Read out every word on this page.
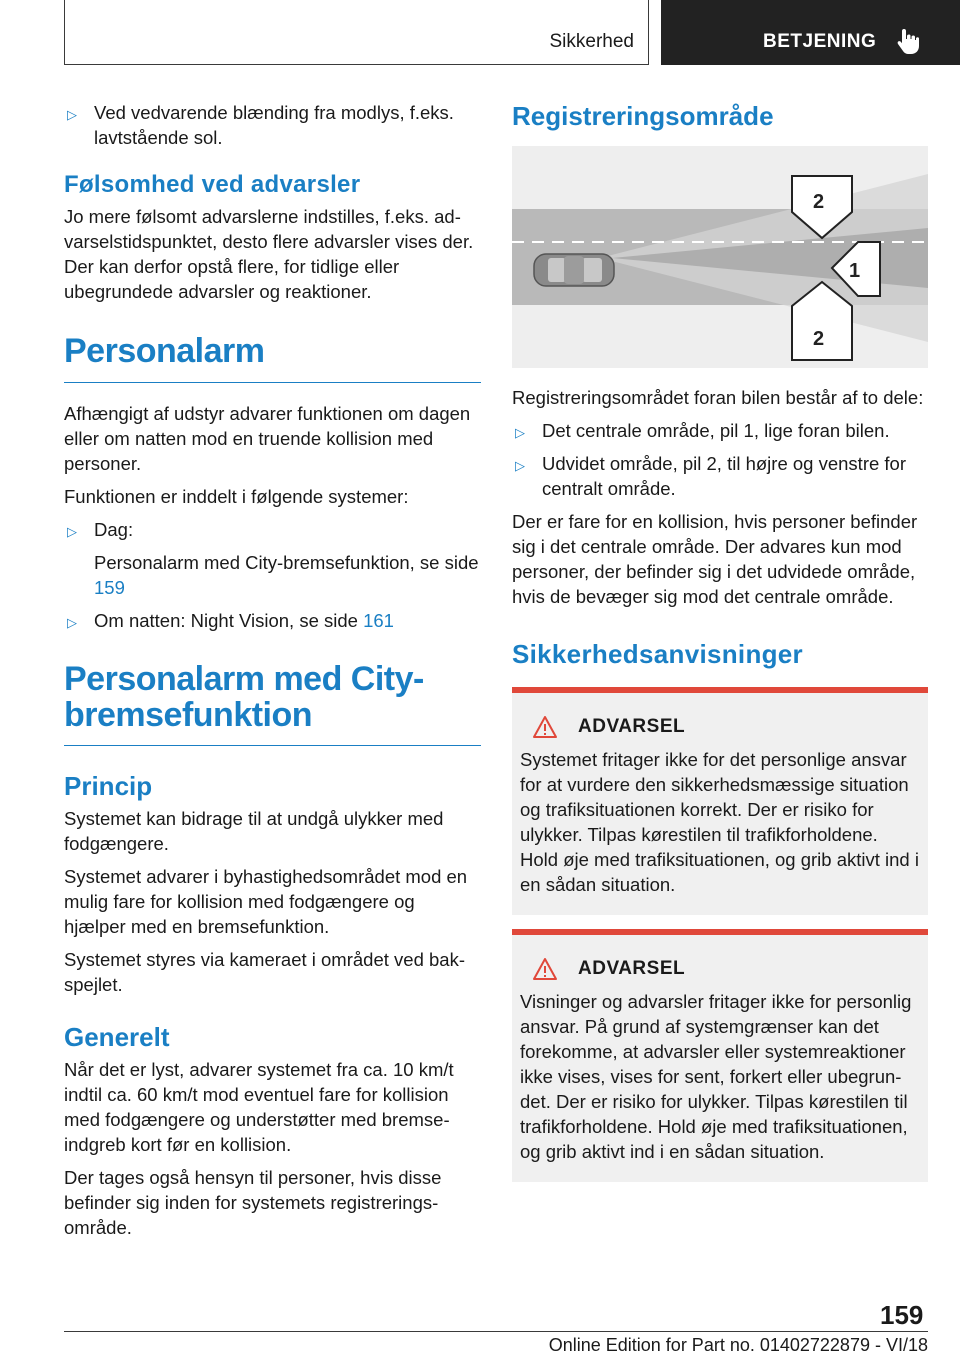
Sikkerhed	BETJENING
▷ Ved vedvarende blænding fra modlys, f.eks. lavtstående sol.
Følsomhed ved advarsler

Jo mere følsomt advarslerne indstilles, f.eks. advarselstidspunktet, desto flere advarsler vises der. Der kan derfor opstå flere, for tidlige eller ubegrundede advarsler og reaktioner.

Personalarm

Afhængigt af udstyr advarer funktionen om dagen eller om natten mod en truende kollision med personer.

Funktionen er inddelt i følgende systemer:

▷ Dag:
Personalarm med City-bremsefunktion, se side 159
▷ Om natten: Night Vision, se side 161
Personalarm med City-
bremsefunktion
Princip

Systemet kan bidrage til at undgå ulykker med fodgængere.

Systemet advarer i byhastighedsområdet mod en mulig fare for kollision med fodgængere og hjælper med en bremsefunktion.

Systemet styres via kameraet i området ved bakspejlet.

Generelt

Når det er lyst, advarer systemet fra ca. 10 km/t indtil ca. 60 km/t mod eventuel fare for kollision med fodgængere og understøtter med bremseindgreb kort før en kollision.

Der tages også hensyn til personer, hvis disse befinder sig inden for systemets registreringsområde.

Registreringsområde
2
1
2

Registreringsområdet foran bilen består af to dele:

▷ Det centrale område, pil 1, lige foran bilen.
▷ Udvidet område, pil 2, til højre og venstre for centralt område.

Der er fare for en kollision, hvis personer befinder sig i det centrale område. Der advares kun mod personer, der befinder sig i det udvidede område, hvis de bevæger sig mod det centrale område.

Sikkerhedsanvisninger
ADVARSEL

Systemet fritager ikke for det personlige ansvar for at vurdere den sikkerhedsmæssige situation og trafiksituationen korrekt. Der er risiko for ulykker. Tilpas kørestilen til trafikforholdene. Hold øje med trafiksituationen, og grib aktivt ind i en sådan situation.

ADVARSEL

Visninger og advarsler fritager ikke for personlig ansvar. På grund af systemgrænser kan det forekomme, at advarsler eller systemreaktioner ikke vises, vises for sent, forkert eller ubegrundet. Der er risiko for ulykker. Tilpas kørestilen til trafikforholdene. Hold øje med trafiksituationen, og grib aktivt ind i en sådan situation.

159
Online Edition for Part no. 01402722879 - VI/18
